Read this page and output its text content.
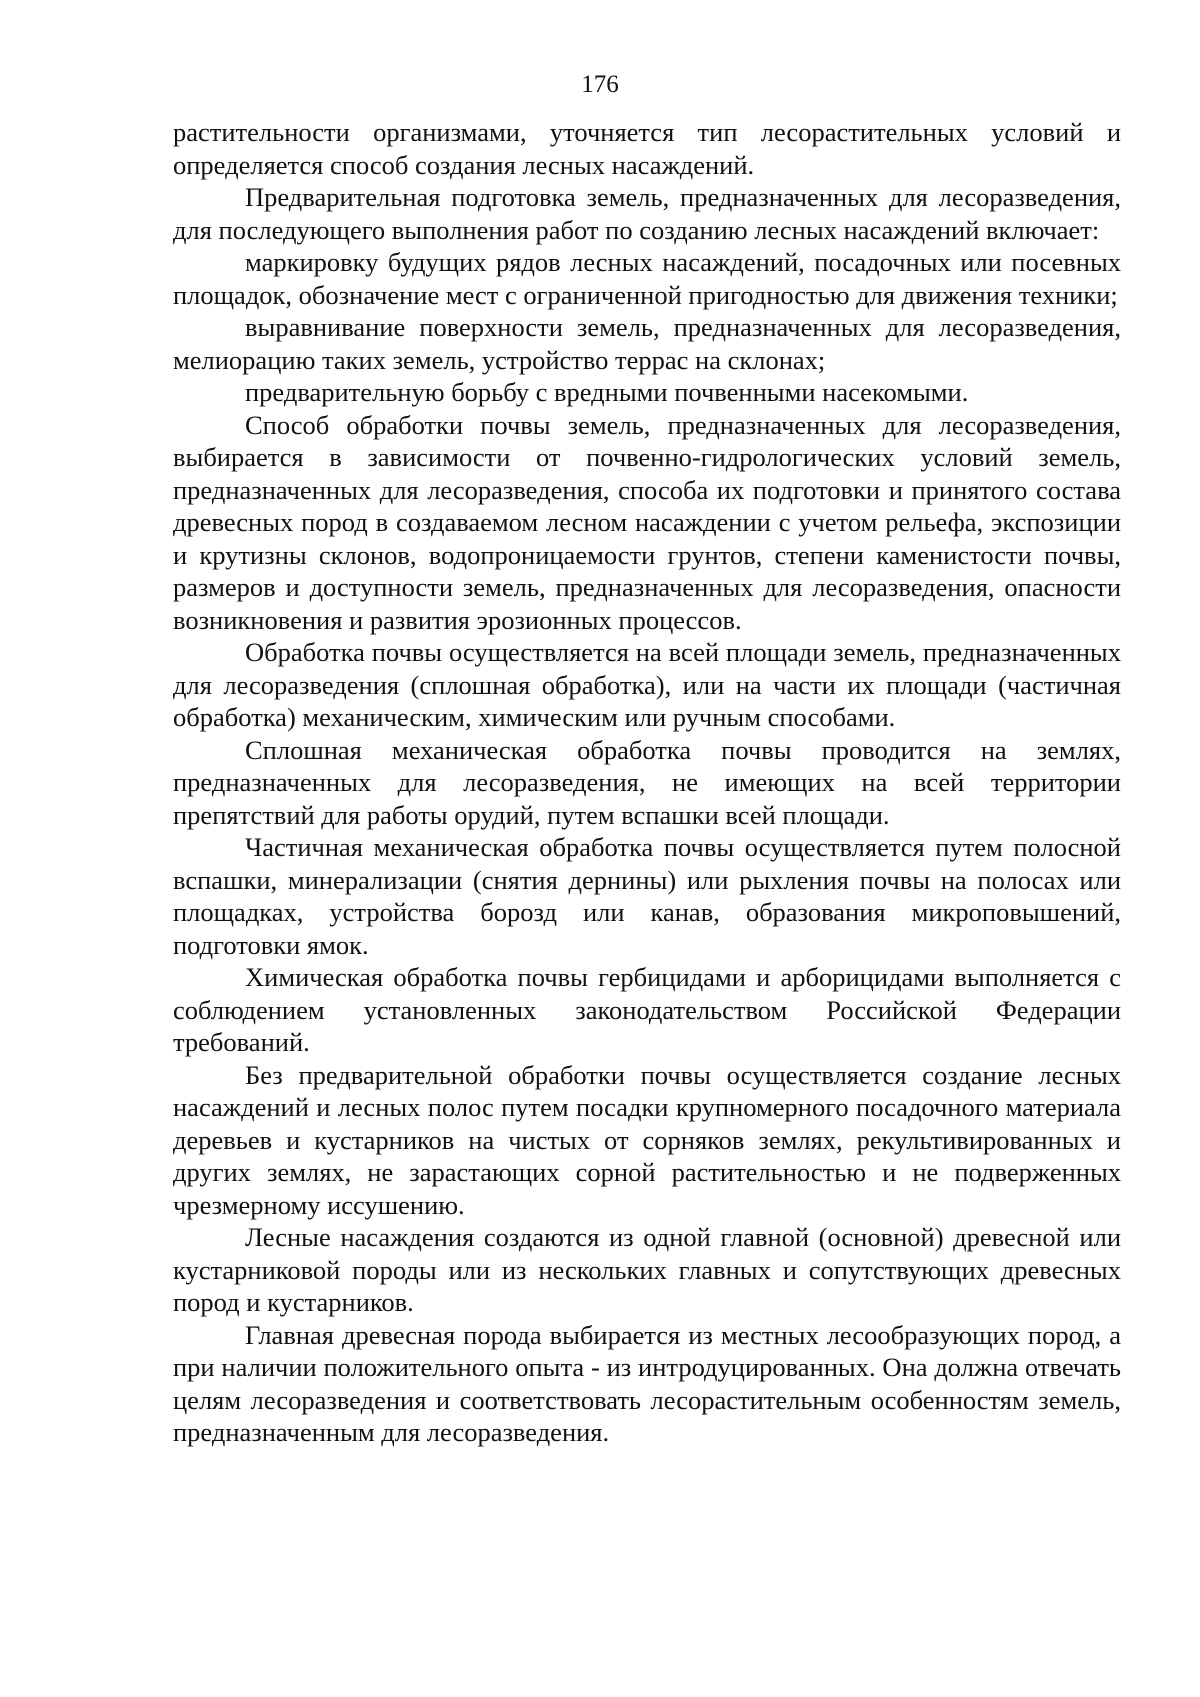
176

растительности организмами, уточняется тип лесорастительных условий и определяется способ создания лесных насаждений.

Предварительная подготовка земель, предназначенных для лесоразведения, для последующего выполнения работ по созданию лесных насаждений включает:

маркировку будущих рядов лесных насаждений, посадочных или посевных площадок, обозначение мест с ограниченной пригодностью для движения техники;

выравнивание поверхности земель, предназначенных для лесоразведения, мелиорацию таких земель, устройство террас на склонах;

предварительную борьбу с вредными почвенными насекомыми.

Способ обработки почвы земель, предназначенных для лесоразведения, выбирается в зависимости от почвенно-гидрологических условий земель, предназначенных для лесоразведения, способа их подготовки и принятого состава древесных пород в создаваемом лесном насаждении с учетом рельефа, экспозиции и крутизны склонов, водопроницаемости грунтов, степени каменистости почвы, размеров и доступности земель, предназначенных для лесоразведения, опасности возникновения и развития эрозионных процессов.

Обработка почвы осуществляется на всей площади земель, предназначенных для лесоразведения (сплошная обработка), или на части их площади (частичная обработка) механическим, химическим или ручным способами.

Сплошная механическая обработка почвы проводится на землях, предназначенных для лесоразведения, не имеющих на всей территории препятствий для работы орудий, путем вспашки всей площади.

Частичная механическая обработка почвы осуществляется путем полосной вспашки, минерализации (снятия дернины) или рыхления почвы на полосах или площадках, устройства борозд или канав, образования микроповышений, подготовки ямок.

Химическая обработка почвы гербицидами и арборицидами выполняется с соблюдением установленных законодательством Российской Федерации требований.

Без предварительной обработки почвы осуществляется создание лесных насаждений и лесных полос путем посадки крупномерного посадочного материала деревьев и кустарников на чистых от сорняков землях, рекультивированных и других землях, не зарастающих сорной растительностью и не подверженных чрезмерному иссушению.

Лесные насаждения создаются из одной главной (основной) древесной или кустарниковой породы или из нескольких главных и сопутствующих древесных пород и кустарников.

Главная древесная порода выбирается из местных лесообразующих пород, а при наличии положительного опыта - из интродуцированных. Она должна отвечать целям лесоразведения и соответствовать лесорастительным особенностям земель, предназначенным для лесоразведения.
